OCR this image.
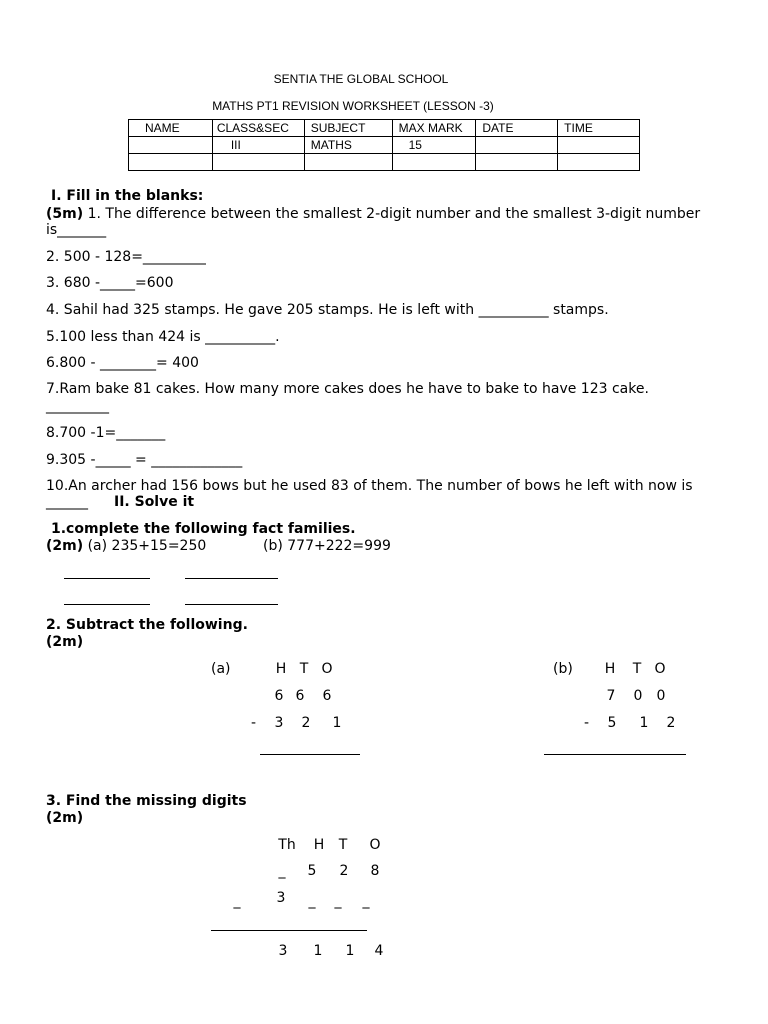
SENTIA THE GLOBAL SCHOOL
MATHS PT1 REVISION WORKSHEET (LESSON -3)
NAME	CLASS&SEC	SUBJECT	MAX MARK	DATE	TIME
	III	MATHS	15		

I. Fill in the blanks:
(5m) 1. The difference between the smallest 2-digit number and the smallest 3-digit number
is_______
2. 500 - 128=_________
3. 680 -_____=600
4. Sahil had 325 stamps. He gave 205 stamps. He is left with __________ stamps.
5.100 less than 424 is __________.
6.800 - ________= 400
7.Ram bake 81 cakes. How many more cakes does he have to bake to have 123 cake.
_________
8.700 -1=_______
9.305 -_____ = _____________
10.An archer had 156 bows but he used 83 of them. The number of bows he left with now is
______ II. Solve it
1.complete the following fact families.
(2m) (a) 235+15=250	(b) 777+222=999
2. Subtract the following.
(2m)
(a)	H T O
6 6 6
- 3 2 1
(b) H T O
7 0 0
- 5 1 2
3. Find the missing digits
(2m)
Th H T O
_	5 2 8
_	3	_	_	_
3 1 1 4
